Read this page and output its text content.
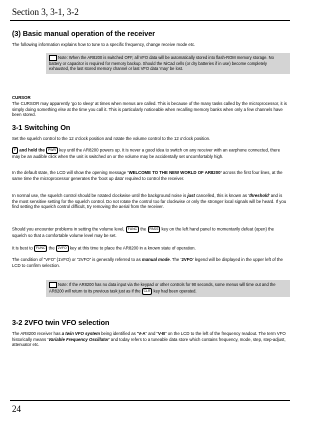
Section 3, 3-1, 3-2
(3) Basic manual operation of the receiver

The following information explains how to tune to a specific frequency, change receive mode etc.

Note: When the AR8200 is switched OFF, all VFO data will be automatically stored into flash-ROM memory storage. No battery or capacitor is required for memory backup. Should the NiCad cells (or dry batteries if in use) become completely exhausted, the last stored memory channel or last VFO data ‘may’ be lost.

CURSOR

The CURSOR may apparently ‘go to sleep’ at times when menus are called. This is because of the many tasks called by the microprocessor, it is simply doing something else at the time you call it. This is particularly noticeable when recalling memory banks when only a few channels have been stored.

3-1 Switching On

Set the squelch control to the 12 o’clock position and rotate the volume control to the 12 o’clock position.

F and hold the PWR key until the AR8200 powers up. It is never a good idea to switch on any receiver with an earphone connected, there may be an audible click when the unit is switched on or the volume may be accidentally set uncomfortably high.

In the default state, the LCD will show the opening message ‘WELCOME TO THE NEW WORLD OF AR8200’ across the first four lines, at the same time the microprocessor generates the ‘boot up data’ required to control the receiver.

In normal use, the squelch control should be rotated clockwise until the background noise is just cancelled, this is known as ‘threshold’ and is the most sensitive setting for the squelch control. Do not rotate the control too far clockwise or only the stronger local signals will be heard. If you find setting the squelch control difficult, try removing the aerial from the receiver.

Should you encounter problems in setting the volume level, FUNC the PASS key on the left hand panel to momentarily defeat (open) the squelch so that a comfortable volume level may be set.

It is best to FUNC the 2VFO key at this time to place the AR8200 in a known state of operation.

The condition of “VFO” (1VFO) or “2VFO” is generally referred to as manual mode. The ‘2VFO’ legend will be displayed in the upper left of the LCD to confirm selection.

Note: If the AR8200 has no data input via the keypad or other controls for 90 seconds, some menus will time out and the AR8200 will return to its previous task just as if the CLR key had been operated.
3-2 2VFO twin VFO selection

The AR8200 receiver has a twin VFO system being identified as “V-A” and “V-B” on the LCD to the left of the frequency readout. The term VFO historically means ‘Variable Frequency Oscillator’ and today refers to a tuneable data store which contains frequency, mode, step, step-adjust, attenuator etc.

24
